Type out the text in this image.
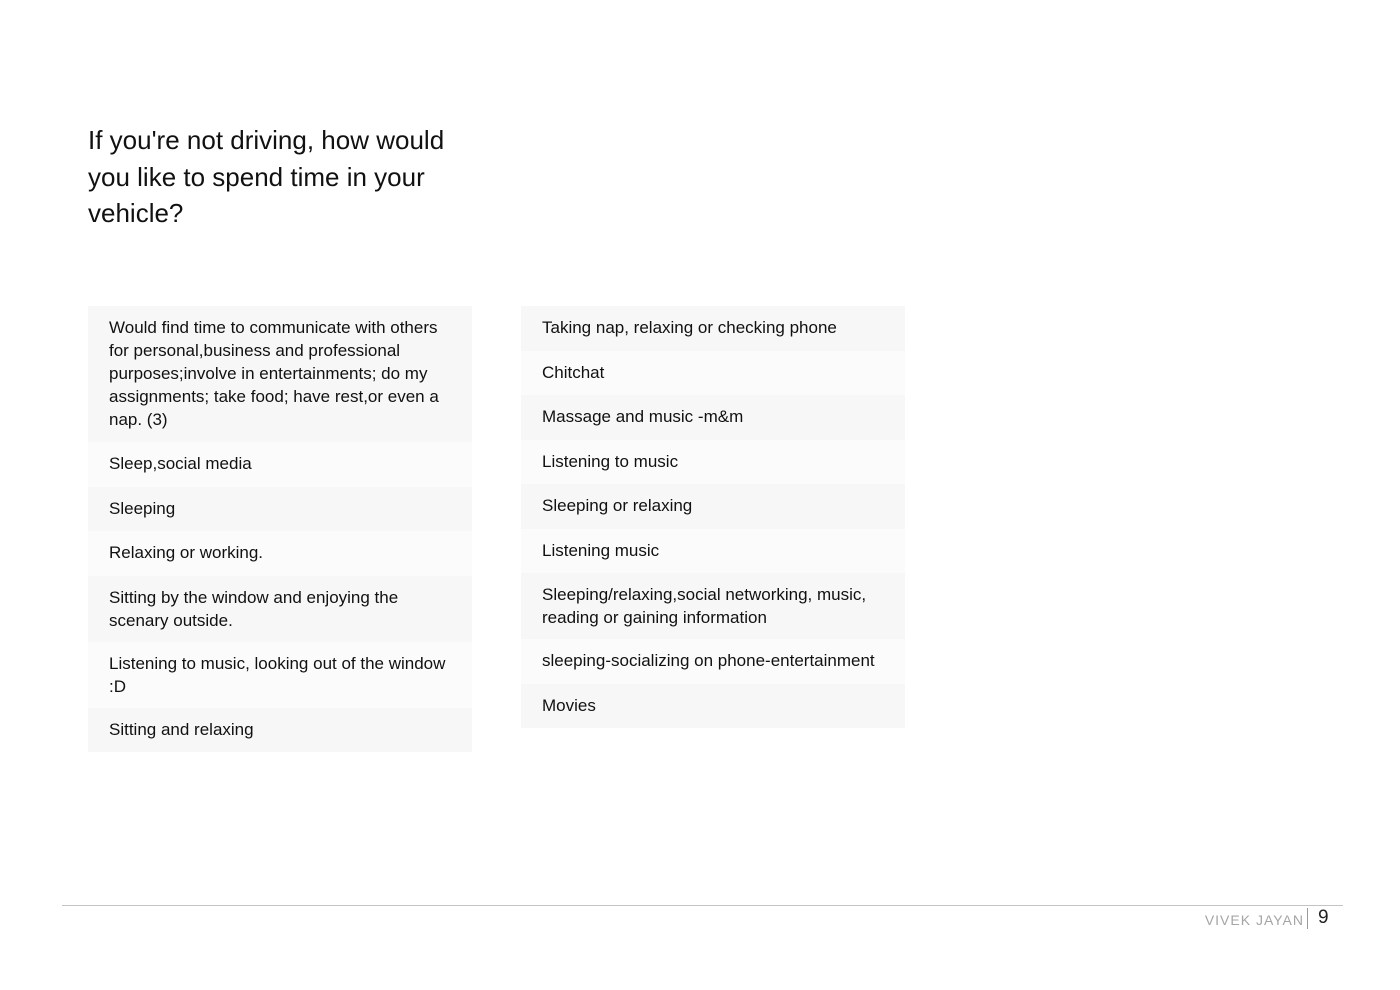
If you're not driving, how would you like to spend time in your vehicle?
Would find time to communicate with others for personal,business and professional purposes;involve in entertainments; do my assignments; take food; have rest,or even a nap. (3)
Sleep,social media
Sleeping
Relaxing or working.
Sitting by the window and enjoying the scenary outside.
Listening to music, looking out of the window :D
Sitting and relaxing
Taking nap, relaxing or checking phone
Chitchat
Massage and music -m&m
Listening to music
Sleeping or relaxing
Listening music
Sleeping/relaxing,social networking, music, reading or gaining information
sleeping-socializing on phone-entertainment
Movies
VIVEK JAYAN 9
